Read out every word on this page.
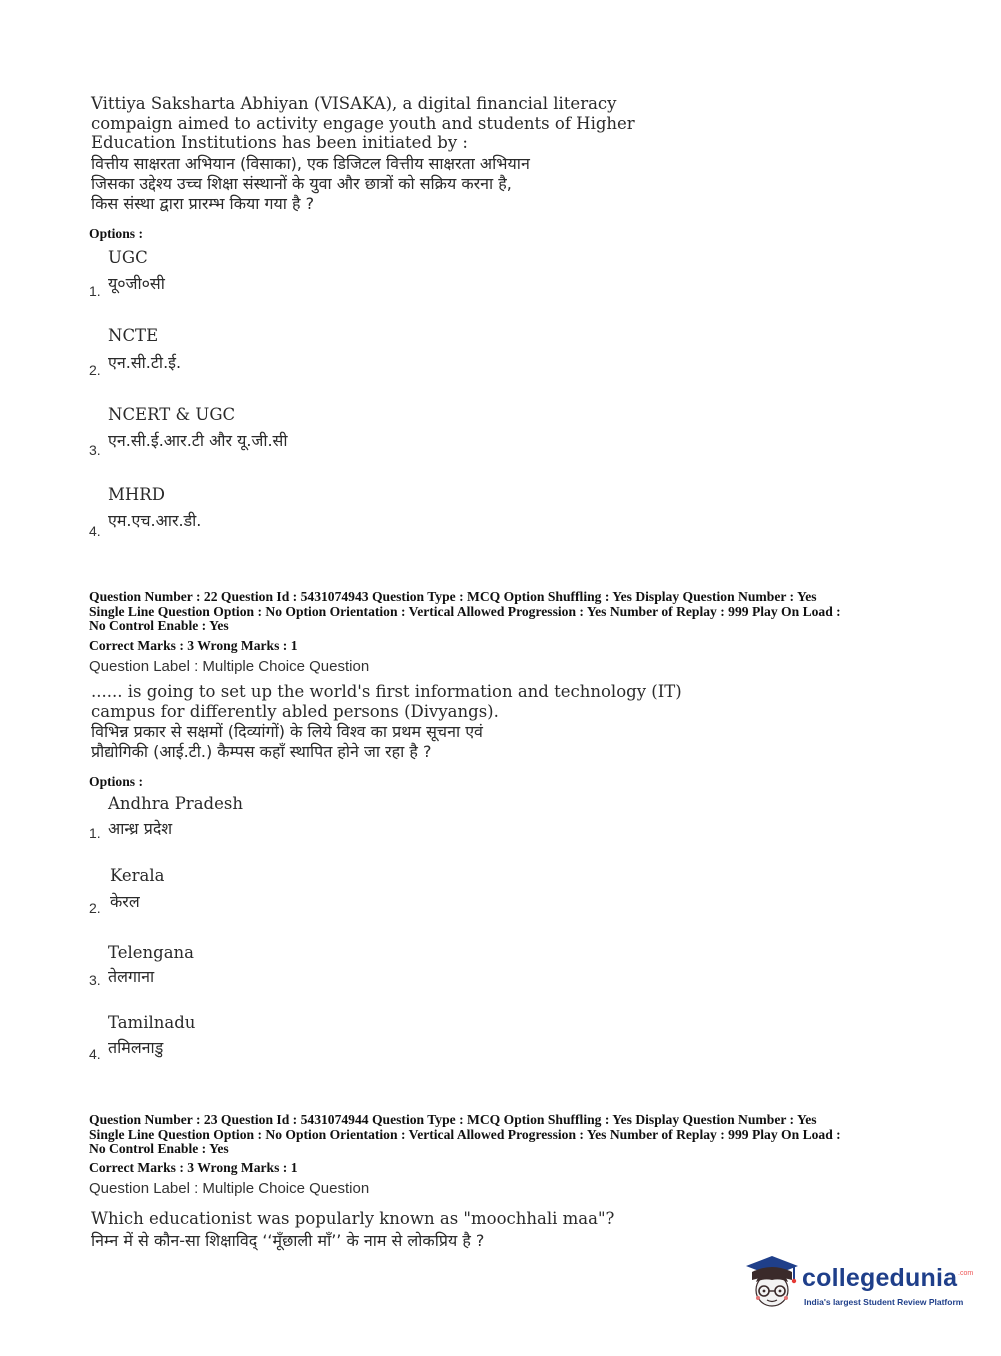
Vittiya Saksharta Abhiyan (VISAKA), a digital financial literacy
compaign aimed to activity engage youth and students of Higher
Education Institutions has been initiated by :
वित्तीय साक्षरता अभियान (विसाका), एक डिजिटल वित्तीय साक्षरता अभियान
जिसका उद्देश्य उच्च शिक्षा संस्थानों के युवा और छात्रों को सक्रिय करना है,
किस संस्था द्वारा प्रारम्भ किया गया है ?
Options :
UGC
यू०जी०सी
1.
NCTE
एन.सी.टी.ई.
2.
NCERT & UGC
एन.सी.ई.आर.टी और यू.जी.सी
3.
MHRD
एम.एच.आर.डी.
4.
Question Number : 22 Question Id : 5431074943 Question Type : MCQ Option Shuffling : Yes Display Question Number : Yes
Single Line Question Option : No Option Orientation : Vertical Allowed Progression : Yes Number of Replay : 999 Play On Load :
No Control Enable : Yes
Correct Marks : 3 Wrong Marks : 1
Question Label : Multiple Choice Question
...... is going to set up the world's first information and technology (IT)
campus for differently abled persons (Divyangs).
विभिन्न प्रकार से सक्षमों (दिव्यांगों) के लिये विश्व का प्रथम सूचना एवं
प्रौद्योगिकी (आई.टी.) कैम्पस कहाँ स्थापित होने जा रहा है ?
Options :
Andhra Pradesh
आन्ध्र प्रदेश
1.
Kerala
केरल
2.
Telengana
तेलगाना
3.
Tamilnadu
तमिलनाडु
4.
Question Number : 23 Question Id : 5431074944 Question Type : MCQ Option Shuffling : Yes Display Question Number : Yes
Single Line Question Option : No Option Orientation : Vertical Allowed Progression : Yes Number of Replay : 999 Play On Load :
No Control Enable : Yes
Correct Marks : 3 Wrong Marks : 1
Question Label : Multiple Choice Question
Which educationist was popularly known as "moochhali maa"?
निम्न में से कौन-सा शिक्षाविद् ‘‘मूँछाली माँ’’ के नाम से लोकप्रिय है ?
collegedunia .com
India's largest Student Review Platform
